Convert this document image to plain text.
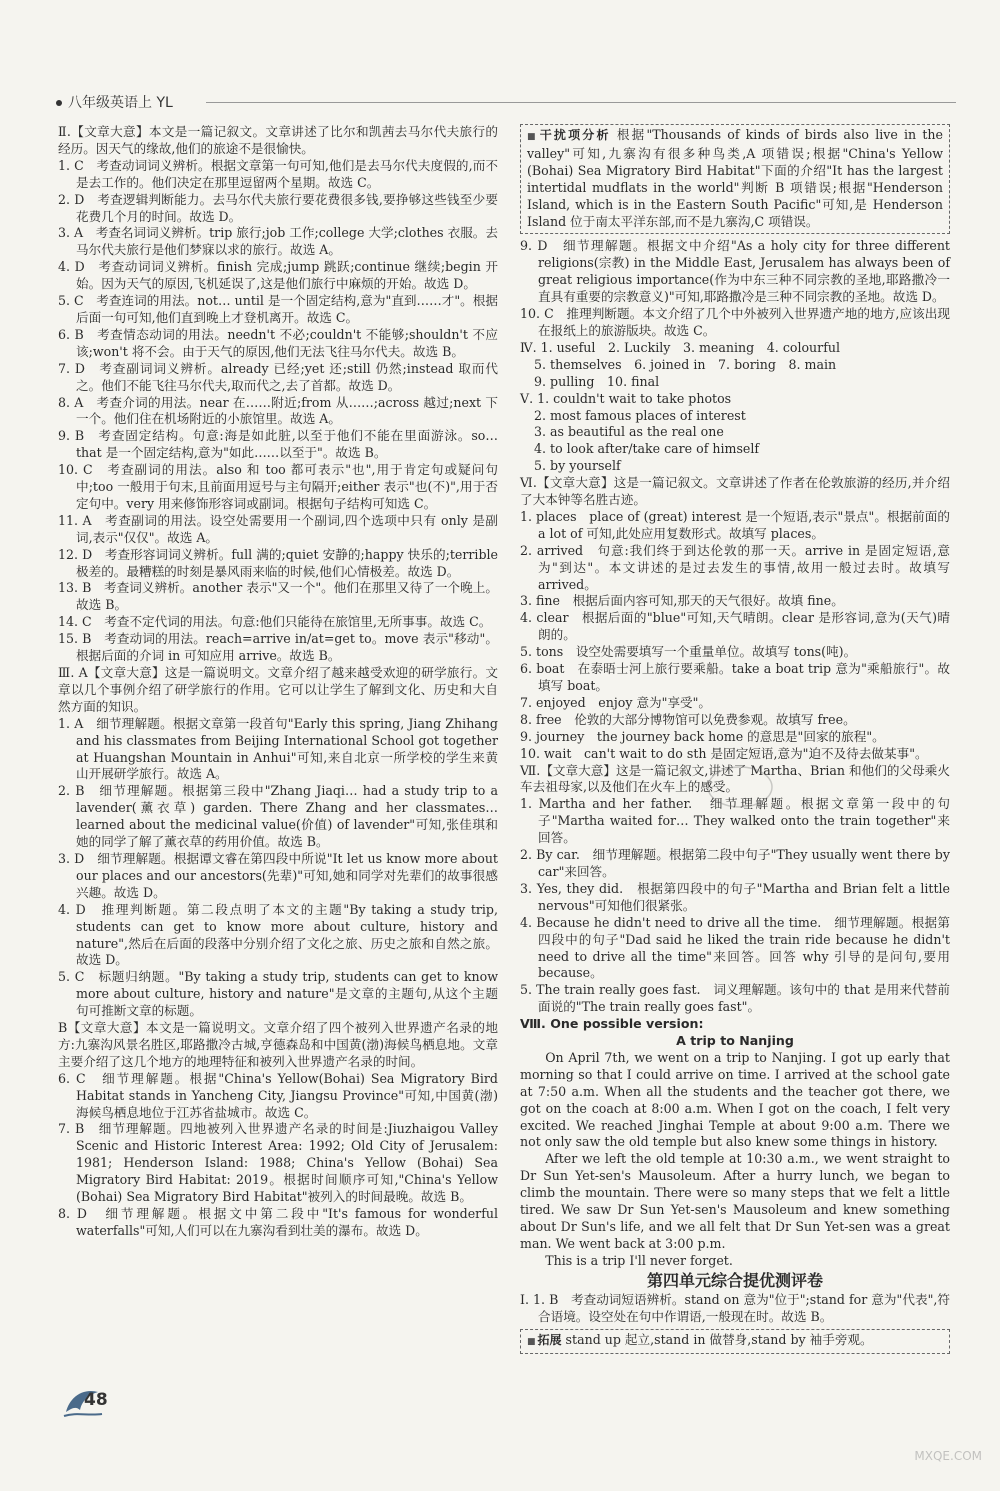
八年级英语上 YL

Ⅱ.【文章大意】本文是一篇记叙文。文章讲述了比尔和凯茜去马尔代夫旅行的经历。因天气的缘故,他们的旅途不是很愉快。

1. C　考查动词词义辨析。根据文章第一句可知,他们是去马尔代夫度假的,而不是去工作的。他们决定在那里逗留两个星期。故选 C。

2. D　考查逻辑判断能力。去马尔代夫旅行要花费很多钱,要挣够这些钱至少要花费几个月的时间。故选 D。

3. A　考查名词词义辨析。trip 旅行;job 工作;college 大学;clothes 衣服。去马尔代夫旅行是他们梦寐以求的旅行。故选 A。

4. D　考查动词词义辨析。finish 完成;jump 跳跃;continue 继续;begin 开始。因为天气的原因,飞机延误了,这是他们旅行中麻烦的开始。故选 D。

5. C　考查连词的用法。not… until 是一个固定结构,意为"直到……才"。根据后面一句可知,他们直到晚上才登机离开。故选 C。

6. B　考查情态动词的用法。needn't 不必;couldn't 不能够;shouldn't 不应该;won't 将不会。由于天气的原因,他们无法飞往马尔代夫。故选 B。

7. D　考查副词词义辨析。already 已经;yet 还;still 仍然;instead 取而代之。他们不能飞往马尔代夫,取而代之,去了首都。故选 D。

8. A　考查介词的用法。near 在……附近;from 从……;across 越过;next 下一个。他们住在机场附近的小旅馆里。故选 A。

9. B　考查固定结构。句意:海是如此脏,以至于他们不能在里面游泳。so… that 是一个固定结构,意为"如此……以至于"。故选 B。

10. C　考查副词的用法。also 和 too 都可表示"也",用于肯定句或疑问句中;too 一般用于句末,且前面用逗号与主句隔开;either 表示"也(不)",用于否定句中。very 用来修饰形容词或副词。根据句子结构可知选 C。

11. A　考查副词的用法。设空处需要用一个副词,四个选项中只有 only 是副词,表示"仅仅"。故选 A。

12. D　考查形容词词义辨析。full 满的;quiet 安静的;happy 快乐的;terrible 极差的。最糟糕的时刻是暴风雨来临的时候,他们心情极差。故选 D。

13. B　考查词义辨析。another 表示"又一个"。他们在那里又待了一个晚上。故选 B。

14. C　考查不定代词的用法。句意:他们只能待在旅馆里,无所事事。故选 C。

15. B　考查动词的用法。reach=arrive in/at=get to。move 表示"移动"。根据后面的介词 in 可知应用 arrive。故选 B。

Ⅲ. A【文章大意】这是一篇说明文。文章介绍了越来越受欢迎的研学旅行。文章以几个事例介绍了研学旅行的作用。它可以让学生了解到文化、历史和大自然方面的知识。

1. A　细节理解题。根据文章第一段首句"Early this spring, Jiang Zhihang and his classmates from Beijing International School got together at Huangshan Mountain in Anhui"可知,来自北京一所学校的学生来黄山开展研学旅行。故选 A。

2. B　细节理解题。根据第三段中"Zhang Jiaqi… had a study trip to a lavender(薰衣草) garden. There Zhang and her classmates… learned about the medicinal value(价值) of lavender"可知,张佳琪和她的同学了解了薰衣草的药用价值。故选 B。

3. D　细节理解题。根据谭文睿在第四段中所说"It let us know more about our places and our ancestors(先辈)"可知,她和同学对先辈们的故事很感兴趣。故选 D。

4. D　推理判断题。第二段点明了本文的主题"By taking a study trip, students can get to know more about culture, history and nature",然后在后面的段落中分别介绍了文化之旅、历史之旅和自然之旅。故选 D。

5. C　标题归纳题。"By taking a study trip, students can get to know more about culture, history and nature"是文章的主题句,从这个主题句可推断文章的标题。

B【文章大意】本文是一篇说明文。文章介绍了四个被列入世界遗产名录的地方:九寨沟风景名胜区,耶路撒冷古城,亨德森岛和中国黄(渤)海候鸟栖息地。文章主要介绍了这几个地方的地理特征和被列入世界遗产名录的时间。

6. C　细节理解题。根据"China's Yellow(Bohai) Sea Migratory Bird Habitat stands in Yancheng City, Jiangsu Province"可知,中国黄(渤)海候鸟栖息地位于江苏省盐城市。故选 C。

7. B　细节理解题。四地被列入世界遗产名录的时间是:Jiuzhaigou Valley Scenic and Historic Interest Area: 1992; Old City of Jerusalem: 1981; Henderson Island: 1988; China's Yellow (Bohai) Sea Migratory Bird Habitat: 2019。根据时间顺序可知,"China's Yellow (Bohai) Sea Migratory Bird Habitat"被列入的时间最晚。故选 B。

8. D　细节理解题。根据文中第二段中"It's famous for wonderful waterfalls"可知,人们可以在九寨沟看到壮美的瀑布。故选 D。

■ 干扰项分析 根据"Thousands of kinds of birds also live in the valley"可知,九寨沟有很多种鸟类,A 项错误;根据"China's Yellow (Bohai) Sea Migratory Bird Habitat"下面的介绍"It has the largest intertidal mudflats in the world"判断 B 项错误;根据"Henderson Island, which is in the Eastern South Pacific"可知,是 Henderson Island 位于南太平洋东部,而不是九寨沟,C 项错误。

9. D　细节理解题。根据文中介绍"As a holy city for three different religions(宗教) in the Middle East, Jerusalem has always been of great religious importance(作为中东三种不同宗教的圣地,耶路撒冷一直具有重要的宗教意义)"可知,耶路撒冷是三种不同宗教的圣地。故选 D。

10. C　推理判断题。本文介绍了几个中外被列入世界遗产地的地方,应该出现在报纸上的旅游版块。故选 C。

Ⅳ. 1. useful　2. Luckily　3. meaning　4. colourful

5. themselves　6. joined in　7. boring　8. main

9. pulling　10. final

Ⅴ. 1. couldn't wait to take photos

2. most famous places of interest

3. as beautiful as the real one

4. to look after/take care of himself

5. by yourself

Ⅵ.【文章大意】这是一篇记叙文。文章讲述了作者在伦敦旅游的经历,并介绍了大本钟等名胜古迹。

1. places　place of (great) interest 是一个短语,表示"景点"。根据前面的 a lot of 可知,此处应用复数形式。故填写 places。

2. arrived　句意:我们终于到达伦敦的那一天。arrive in 是固定短语,意为"到达"。本文讲述的是过去发生的事情,故用一般过去时。故填写 arrived。

3. fine　根据后面内容可知,那天的天气很好。故填 fine。

4. clear　根据后面的"blue"可知,天气晴朗。clear 是形容词,意为(天气)晴朗的。

5. tons　设空处需要填写一个重量单位。故填写 tons(吨)。

6. boat　在泰晤士河上旅行要乘船。take a boat trip 意为"乘船旅行"。故填写 boat。

7. enjoyed　enjoy 意为"享受"。

8. free　伦敦的大部分博物馆可以免费参观。故填写 free。

9. journey　the journey back home 的意思是"回家的旅程"。

10. wait　can't wait to do sth 是固定短语,意为"迫不及待去做某事"。

Ⅶ.【文章大意】这是一篇记叙文,讲述了 Martha、Brian 和他们的父母乘火车去祖母家,以及他们在火车上的感受。

1. Martha and her father.　细节理解题。根据文章第一段中的句子"Martha waited for… They walked onto the train together"来回答。

2. By car.　细节理解题。根据第二段中句子"They usually went there by car"来回答。

3. Yes, they did.　根据第四段中的句子"Martha and Brian felt a little nervous"可知他们很紧张。

4. Because he didn't need to drive all the time.　细节理解题。根据第四段中的句子"Dad said he liked the train ride because he didn't need to drive all the time"来回答。回答 why 引导的是问句,要用 because。

5. The train really goes fast.　词义理解题。该句中的 that 是用来代替前面说的"The train really goes fast"。

Ⅷ. One possible version:

A trip to Nanjing

On April 7th, we went on a trip to Nanjing. I got up early that morning so that I could arrive on time. I arrived at the school gate at 7:50 a.m. When all the students and the teacher got there, we got on the coach at 8:00 a.m. When I got on the coach, I felt very excited. We reached Jinghai Temple at about 9:00 a.m. There we not only saw the old temple but also knew some things in history.

After we left the old temple at 10:30 a.m., we went straight to Dr Sun Yet-sen's Mausoleum. After a hurry lunch, we began to climb the mountain. There were so many steps that we felt a little tired. We saw Dr Sun Yet-sen's Mausoleum and knew something about Dr Sun's life, and we all felt that Dr Sun Yet-sen was a great man. We went back at 3:00 p.m.

This is a trip I'll never forget.

第四单元综合提优测评卷

Ⅰ. 1. B　考查动词短语辨析。stand on 意为"位于";stand for 意为"代表",符合语境。设空处在句中作谓语,一般现在时。故选 B。

■ 拓展 stand up 起立,stand in 做替身,stand by 袖手旁观。
48
MXQE.COM
